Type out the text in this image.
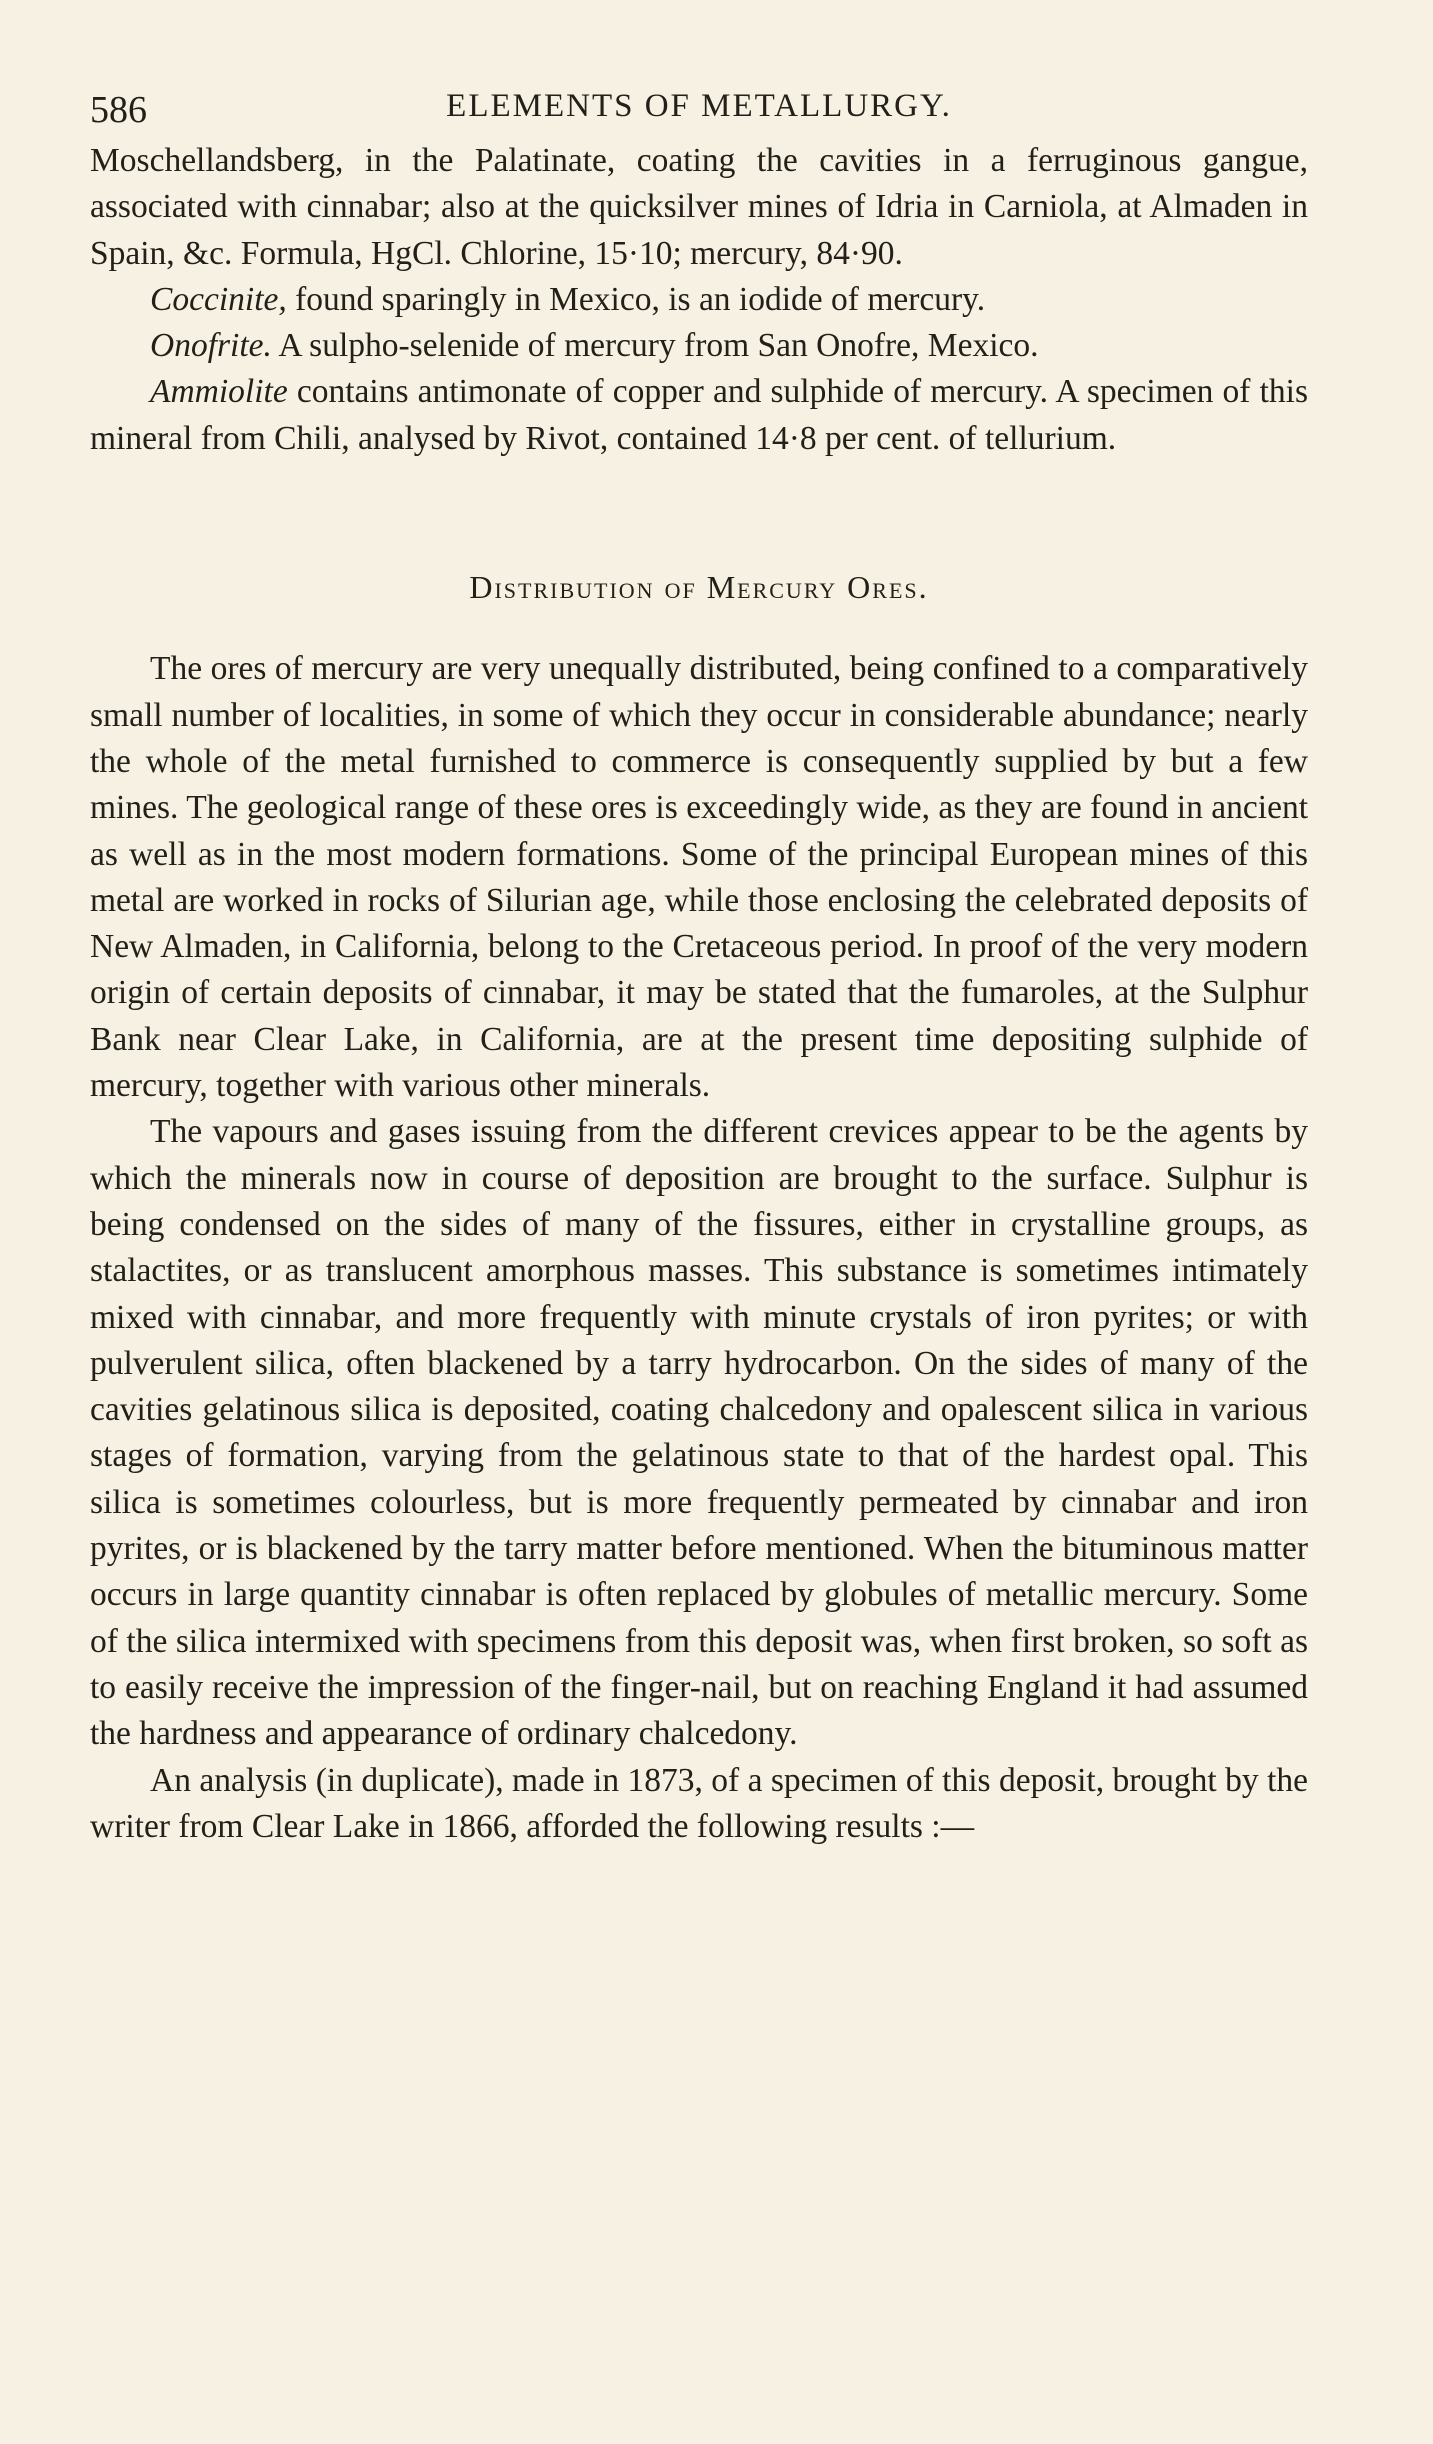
586	ELEMENTS OF METALLURGY.

Moschellandsberg, in the Palatinate, coating the cavities in a ferruginous gangue, associated with cinnabar; also at the quicksilver mines of Idria in Carniola, at Almaden in Spain, &c. Formula, HgCl. Chlorine, 15·10; mercury, 84·90.

Coccinite, found sparingly in Mexico, is an iodide of mercury.

Onofrite. A sulpho-selenide of mercury from San Onofre, Mexico.

Ammiolite contains antimonate of copper and sulphide of mercury. A specimen of this mineral from Chili, analysed by Rivot, contained 14·8 per cent. of tellurium.

Distribution of Mercury Ores.

The ores of mercury are very unequally distributed, being confined to a comparatively small number of localities, in some of which they occur in considerable abundance; nearly the whole of the metal furnished to commerce is consequently supplied by but a few mines. The geological range of these ores is exceedingly wide, as they are found in ancient as well as in the most modern formations. Some of the principal European mines of this metal are worked in rocks of Silurian age, while those enclosing the celebrated deposits of New Almaden, in California, belong to the Cretaceous period. In proof of the very modern origin of certain deposits of cinnabar, it may be stated that the fumaroles, at the Sulphur Bank near Clear Lake, in California, are at the present time depositing sulphide of mercury, together with various other minerals.

The vapours and gases issuing from the different crevices appear to be the agents by which the minerals now in course of deposition are brought to the surface. Sulphur is being condensed on the sides of many of the fissures, either in crystalline groups, as stalactites, or as translucent amorphous masses. This substance is sometimes intimately mixed with cinnabar, and more frequently with minute crystals of iron pyrites; or with pulverulent silica, often blackened by a tarry hydrocarbon. On the sides of many of the cavities gelatinous silica is deposited, coating chalcedony and opalescent silica in various stages of formation, varying from the gelatinous state to that of the hardest opal. This silica is sometimes colourless, but is more frequently permeated by cinnabar and iron pyrites, or is blackened by the tarry matter before mentioned. When the bituminous matter occurs in large quantity cinnabar is often replaced by globules of metallic mercury. Some of the silica intermixed with specimens from this deposit was, when first broken, so soft as to easily receive the impression of the finger-nail, but on reaching England it had assumed the hardness and appearance of ordinary chalcedony.

An analysis (in duplicate), made in 1873, of a specimen of this deposit, brought by the writer from Clear Lake in 1866, afforded the following results :—
